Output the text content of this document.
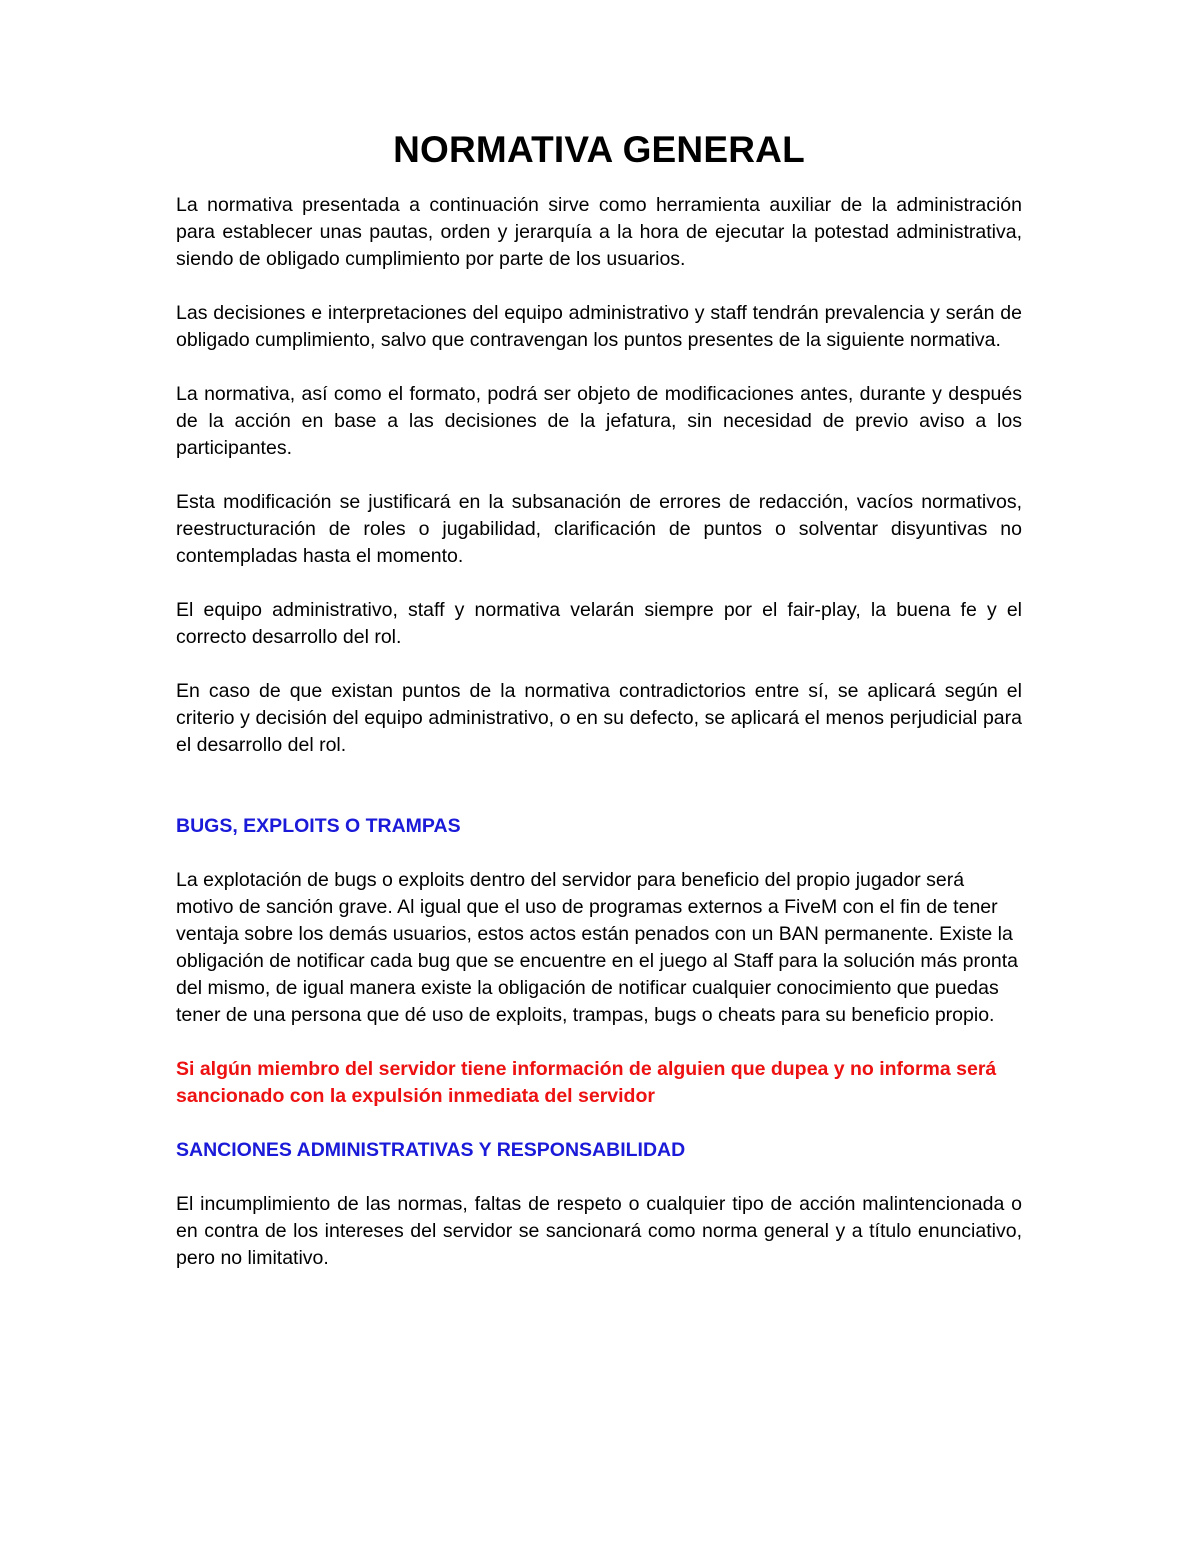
NORMATIVA GENERAL

La normativa presentada a continuación sirve como herramienta auxiliar de la administración para establecer unas pautas, orden y jerarquía a la hora de ejecutar la potestad administrativa, siendo de obligado cumplimiento por parte de los usuarios.

Las decisiones e interpretaciones del equipo administrativo y staff tendrán prevalencia y serán de obligado cumplimiento, salvo que contravengan los puntos presentes de la siguiente normativa.

La normativa, así como el formato, podrá ser objeto de modificaciones antes, durante y después de la acción en base a las decisiones de la jefatura, sin necesidad de previo aviso a los participantes.

Esta modificación se justificará en la subsanación de errores de redacción, vacíos normativos, reestructuración de roles o jugabilidad, clarificación de puntos o solventar disyuntivas no contempladas hasta el momento.

El equipo administrativo, staff y normativa velarán siempre por el fair-play, la buena fe y el correcto desarrollo del rol.

En caso de que existan puntos de la normativa contradictorios entre sí, se aplicará según el criterio y decisión del equipo administrativo, o en su defecto, se aplicará el menos perjudicial para el desarrollo del rol.

BUGS, EXPLOITS O TRAMPAS

La explotación de bugs o exploits dentro del servidor para beneficio del propio jugador será motivo de sanción grave. Al igual que el uso de programas externos a FiveM con el fin de tener ventaja sobre los demás usuarios, estos actos están penados con un BAN permanente. Existe la obligación de notificar cada bug que se encuentre en el juego al Staff para la solución más pronta del mismo, de igual manera existe la obligación de notificar cualquier conocimiento que puedas tener de una persona que dé uso de exploits, trampas, bugs o cheats para su beneficio propio.

Si algún miembro del servidor tiene información de alguien que dupea y no informa será sancionado con la expulsión inmediata del servidor

SANCIONES ADMINISTRATIVAS Y RESPONSABILIDAD

El incumplimiento de las normas, faltas de respeto o cualquier tipo de acción malintencionada o en contra de los intereses del servidor se sancionará como norma general y a título enunciativo, pero no limitativo.
